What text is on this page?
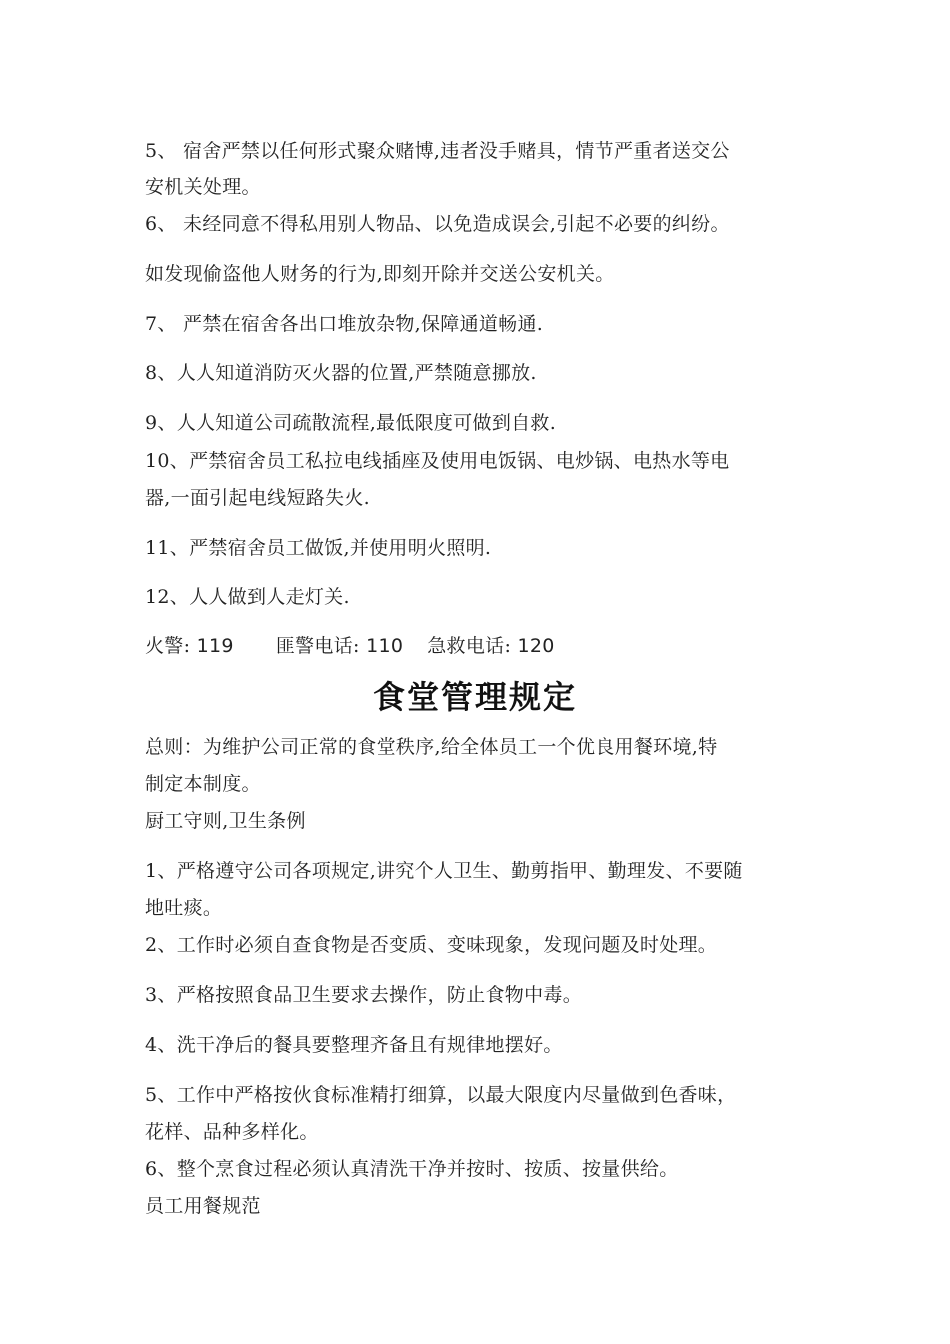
5、 宿舍严禁以任何形式聚众赌博,违者没手赌具，情节严重者送交公
安机关处理。
6、 未经同意不得私用别人物品、以免造成误会,引起不必要的纠纷。
如发现偷盗他人财务的行为,即刻开除并交送公安机关。
7、 严禁在宿舍各出口堆放杂物,保障通道畅通.
8、人人知道消防灭火器的位置,严禁随意挪放.
9、人人知道公司疏散流程,最低限度可做到自救.
10、严禁宿舍员工私拉电线插座及使用电饭锅、电炒锅、电热水等电
器,一面引起电线短路失火.
11、严禁宿舍员工做饭,并使用明火照明.
12、人人做到人走灯关.
火警: 119 匪警电话: 110 急救电话: 120
食堂管理规定
总则：为维护公司正常的食堂秩序,给全体员工一个优良用餐环境,特
制定本制度。
厨工守则,卫生条例
1、严格遵守公司各项规定,讲究个人卫生、勤剪指甲、勤理发、不要随
地吐痰。
2、工作时必须自查食物是否变质、变味现象，发现问题及时处理。
3、严格按照食品卫生要求去操作，防止食物中毒。
4、洗干净后的餐具要整理齐备且有规律地摆好。
5、工作中严格按伙食标准精打细算，以最大限度内尽量做到色香味，
花样、品种多样化。
6、整个烹食过程必须认真清洗干净并按时、按质、按量供给。
员工用餐规范
